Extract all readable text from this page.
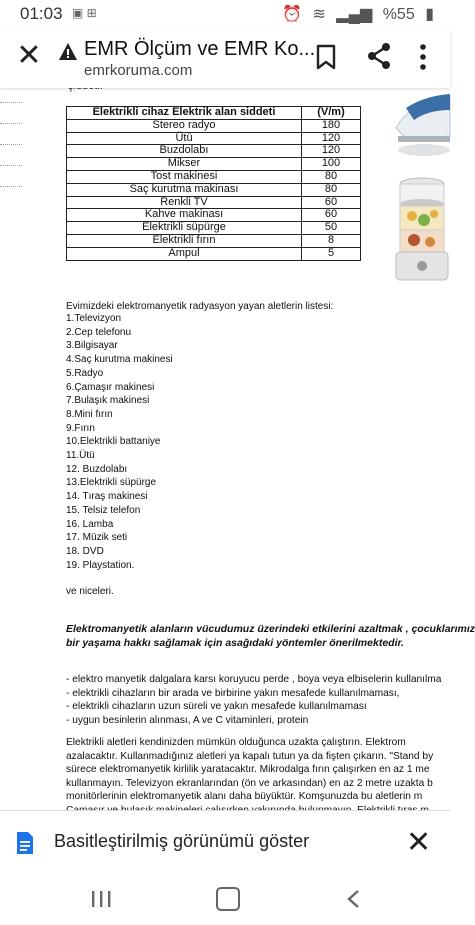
01:03 ▣ ⊞	⏰ ≋ ▂▄▆ %55 ▮
✕ EMR Ölçüm ve EMR Ko...
emrkoruma.com
Elektrikli cihaz Elektrik alan siddeti	(V/m)
Stereo radyo	180
Ütü	120
Buzdolabı	120
Mikser	100
Tost makinesi	80
Saç kurutma makinası	80
Renkli TV	60
Kahve makinası	60
Elektrikli süpürge	50
Elektrikli fırın	8
Ampul	5
Evimizdeki elektromanyetik radyasyon yayan aletlerin listesi:
1.Televizyon
2.Cep telefonu
3.Bilgisayar
4.Saç kurutma makinesi
5.Radyo
6.Çamaşır makinesi
7.Bulaşık makinesi
8.Mini fırın
9.Fırın
10.Elektrikli battaniye
11.Ütü
12. Buzdolabı
13.Elektrikli süpürge
14. Tıraş makinesi
15. Telsiz telefon
16. Lamba
17. Müzik seti
18. DVD
19. Playstation.
ve niceleri.
Elektromanyetik alanların vücudumuz üzerindeki etkilerini azaltmak , çocuklarımız
bir yaşama hakkı sağlamak için asağıdaki yöntemler önerilmektedir.
- elektro manyetik dalgalara karsı koruyucu perde , boya veya elbiselerin kullanılma
- elektrikli cihazların bir arada ve birbirine yakın mesafede kullanılmaması,
- elektrikli cihazların uzun süreli ve yakın mesafede kullanılmaması
- uygun besinlerin alınması, A ve C vitaminleri, protein
Elektrikli aletleri kendinizden mümkün olduğunca uzakta çalıştırın. Elektrom
azalacaktır. Kullanmadığınız aletleri ya kapalı tutun ya da fişten çıkarın. "Stand by
sürece elektromanyetik kirlilik yaratacaktır. Mikrodalga fırın çalışırken en az 1 me
kullanmayın. Televizyon ekranlarından (ön ve arkasından) en az 2 metre uzakta b
monitörlerinin elektromanyetik alanı daha büyüktür. Komşunuzda bu aletlerin m
Basitleştirilmiş görünümü göster	✕
